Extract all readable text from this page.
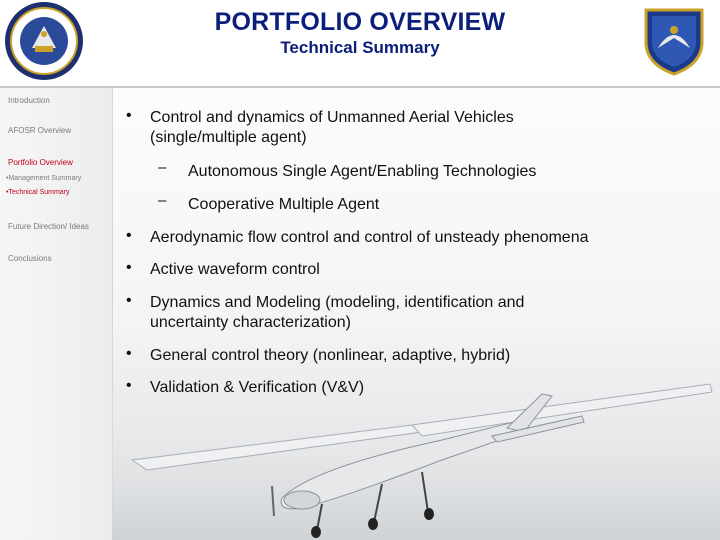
PORTFOLIO OVERVIEW
Technical Summary
Introduction
AFOSR Overview
Portfolio Overview
•Management Summary
•Technical Summary
Future Direction/ Ideas
Conclusions
• Control and dynamics of Unmanned Aerial Vehicles
(single/multiple agent)
– Autonomous Single Agent/Enabling Technologies
– Cooperative Multiple Agent
• Aerodynamic flow control and control of unsteady phenomena
• Active waveform control
• Dynamics and Modeling (modeling, identification and
uncertainty characterization)
• General control theory (nonlinear, adaptive, hybrid)
• Validation & Verification (V&V)
